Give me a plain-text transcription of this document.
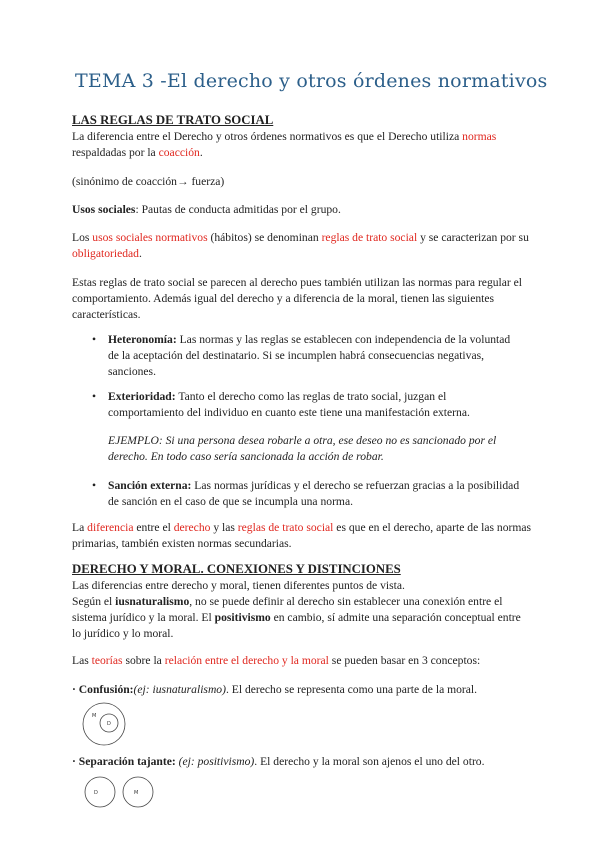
TEMA 3 -El derecho y otros órdenes normativos
LAS REGLAS DE TRATO SOCIAL

La diferencia entre el Derecho y otros órdenes normativos es que el Derecho utiliza normas respaldadas por la coacción.

(sinónimo de coacción→ fuerza)

Usos sociales: Pautas de conducta admitidas por el grupo.

Los usos sociales normativos (hábitos) se denominan reglas de trato social y se caracterizan por su obligatoriedad.

Estas reglas de trato social se parecen al derecho pues también utilizan las normas para regular el comportamiento. Además igual del derecho y a diferencia de la moral, tienen las siguientes características.

•	Heteronomía: Las normas y las reglas se establecen con independencia de la voluntad de la aceptación del destinatario. Si se incumplen habrá consecuencias negativas, sanciones.

•	Exterioridad: Tanto el derecho como las reglas de trato social, juzgan el comportamiento del individuo en cuanto este tiene una manifestación externa.

EJEMPLO: Si una persona desea robarle a otra, ese deseo no es sancionado por el derecho. En todo caso sería sancionada la acción de robar.

•	Sanción externa: Las normas jurídicas y el derecho se refuerzan gracias a la posibilidad de sanción en el caso de que se incumpla una norma.

La diferencia entre el derecho y las reglas de trato social es que en el derecho, aparte de las normas primarias, también existen normas secundarias.

DERECHO Y MORAL. CONEXIONES Y DISTINCIONES

Las diferencias entre derecho y moral, tienen diferentes puntos de vista.

Según el iusnaturalismo, no se puede definir al derecho sin establecer una conexión entre el sistema jurídico y la moral. El positivismo en cambio, sí admite una separación conceptual entre lo jurídico y lo moral.

Las teorías sobre la relación entre el derecho y la moral se pueden basar en 3 conceptos:

· Confusión:(ej: iusnaturalismo). El derecho se representa como una parte de la moral.

M
D

· Separación tajante: (ej: positivismo). El derecho y la moral son ajenos el uno del otro.

D	M
